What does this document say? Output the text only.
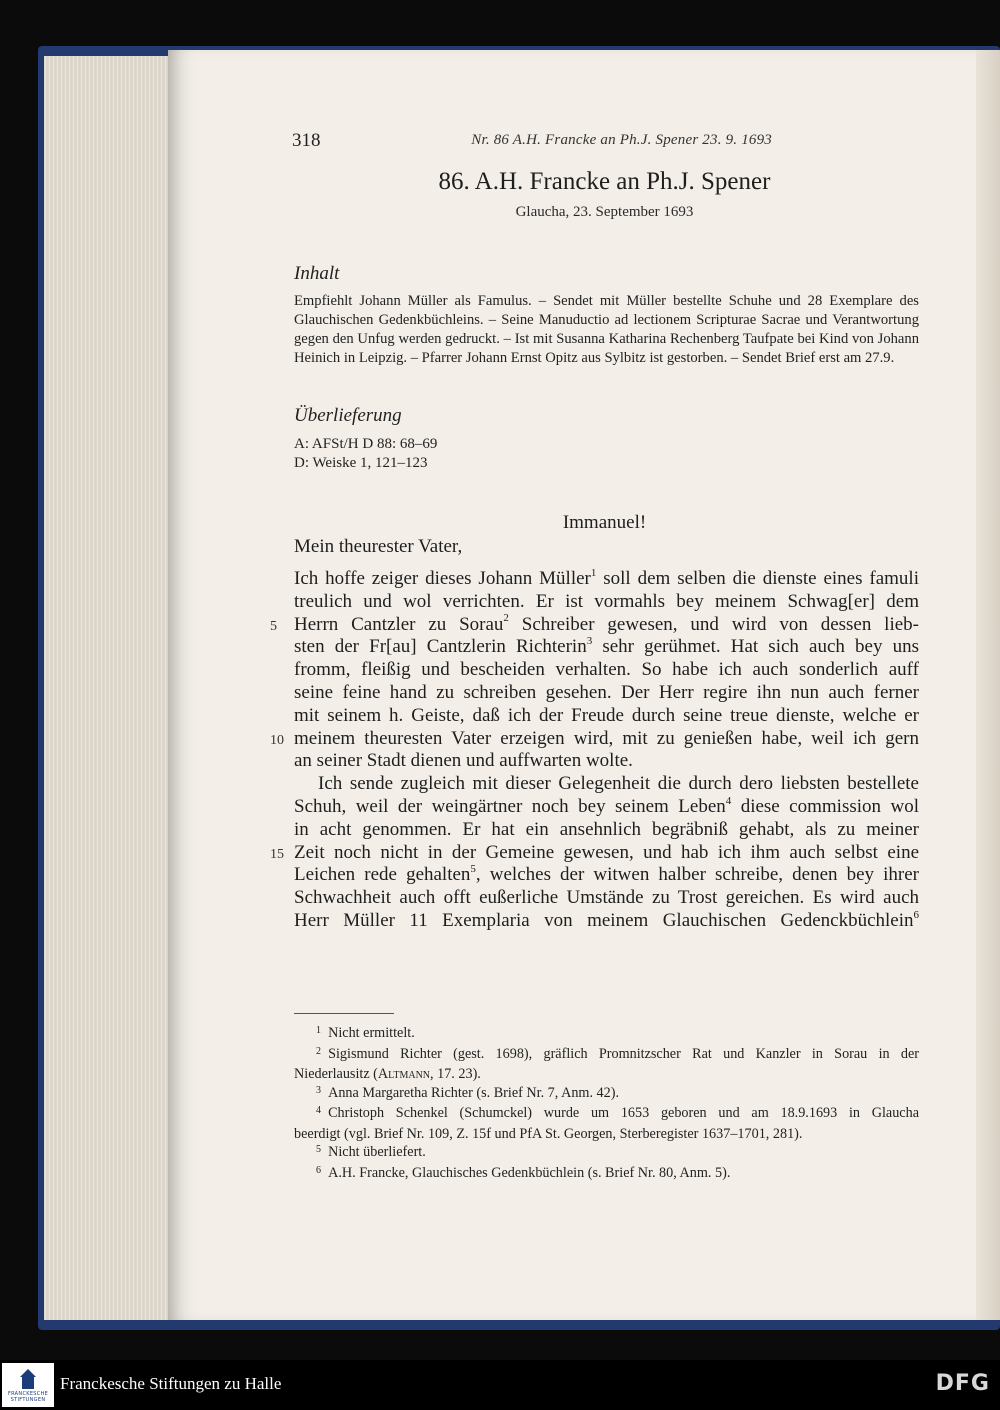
318	Nr. 86 A.H. Francke an Ph.J. Spener 23. 9. 1693
86. A.H. Francke an Ph.J. Spener
Glaucha, 23. September 1693
Inhalt

Empfiehlt Johann Müller als Famulus. – Sendet mit Müller bestellte Schuhe und 28 Exemplare des Glauchischen Gedenkbüchleins. – Seine Manuductio ad lectionem Scripturae Sacrae und Verantwortung gegen den Unfug werden gedruckt. – Ist mit Susanna Katharina Rechenberg Taufpate bei Kind von Johann Heinich in Leipzig. – Pfarrer Johann Ernst Opitz aus Sylbitz ist gestorben. – Sendet Brief erst am 27.9.

Überlieferung
A: AFSt/H D 88: 68–69
D: Weiske 1, 121–123
Immanuel!
Mein theurester Vater,
Ich hoffe zeiger dieses Johann Müller$^1$ soll dem selben die dienste eines famuli
treulich und wol verrichten. Er ist vormahls bey meinem Schwag[er] dem
Herrn Cantzler zu Sorau$^2$ Schreiber gewesen, und wird von dessen lieb-
sten der Fr[au] Cantzlerin Richterin$^3$ sehr gerühmet. Hat sich auch bey uns
fromm, fleißig und bescheiden verhalten. So habe ich auch sonderlich auff
seine feine hand zu schreiben gesehen. Der Herr regire ihn nun auch ferner
mit seinem h. Geiste, daß ich der Freude durch seine treue dienste, welche er
meinem theuresten Vater erzeigen wird, mit zu genießen habe, weil ich gern
an seiner Stadt dienen und auffwarten wolte.
Ich sende zugleich mit dieser Gelegenheit die durch dero liebsten bestellete
Schuh, weil der weingärtner noch bey seinem Leben$^4$ diese commission wol
in acht genommen. Er hat ein ansehnlich begräbniß gehabt, als zu meiner
Zeit noch nicht in der Gemeine gewesen, und hab ich ihm auch selbst eine
Leichen rede gehalten$^5$, welches der witwen halber schreibe, denen bey ihrer
Schwachheit auch offt eußerliche Umstände zu Trost gereichen. Es wird auch
Herr Müller 11 Exemplaria von meinem Glauchischen Gedenckbüchlein$^6$
5
10
15
$^1$  Nicht ermittelt.
$^2$  Sigismund Richter (gest. 1698), gräflich Promnitzscher Rat und Kanzler in Sorau in der
Niederlausitz (Altmann, 17. 23).
$^3$  Anna Margaretha Richter (s. Brief Nr. 7, Anm. 42).
$^4$  Christoph Schenkel (Schumckel) wurde um 1653 geboren und am 18.9.1693 in Glaucha
beerdigt (vgl. Brief Nr. 109, Z. 15f und PfA St. Georgen, Sterberegister 1637–1701, 281).
$^5$  Nicht überliefert.
$^6$  A.H. Francke, Glauchisches Gedenkbüchlein (s. Brief Nr. 80, Anm. 5).
FRANCKESCHE STIFTUNGEN
Franckesche Stiftungen zu Halle	DFG
